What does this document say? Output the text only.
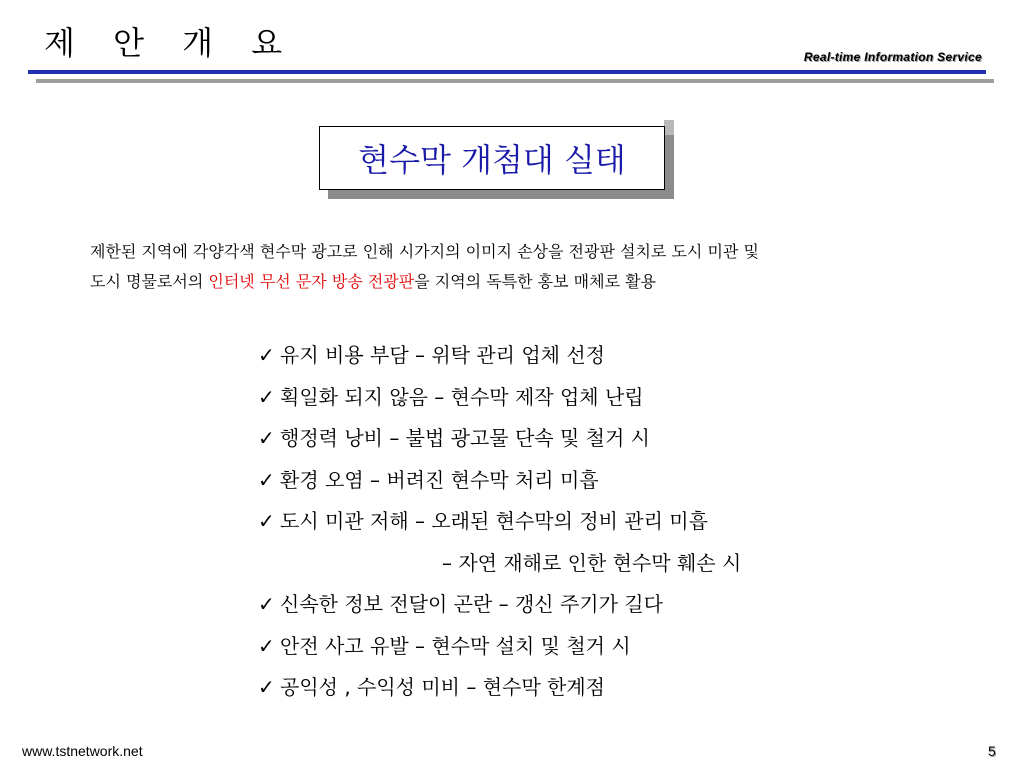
제 안 개 요	Real-time Information Service
현수막 개첨대 실태
제한된 지역에 각양각색 현수막 광고로 인해 시가지의 이미지 손상을 전광판 설치로 도시 미관 및
도시 명물로서의 인터넷 무선 문자 방송 전광판을 지역의 독특한 홍보 매체로 활용
✓ 유지 비용 부담 – 위탁 관리 업체 선정
✓ 획일화 되지 않음 – 현수막 제작 업체 난립
✓ 행정력 낭비 – 불법 광고물 단속 및 철거 시
✓ 환경 오염 – 버려진 현수막 처리 미흡
✓ 도시 미관 저해 – 오래된 현수막의 정비 관리 미흡
– 자연 재해로 인한 현수막 훼손 시
✓ 신속한 정보 전달이 곤란 – 갱신 주기가 길다
✓ 안전 사고 유발 – 현수막 설치 및 철거 시
✓ 공익성 , 수익성 미비 – 현수막 한계점
www.tstnetwork.net	5
